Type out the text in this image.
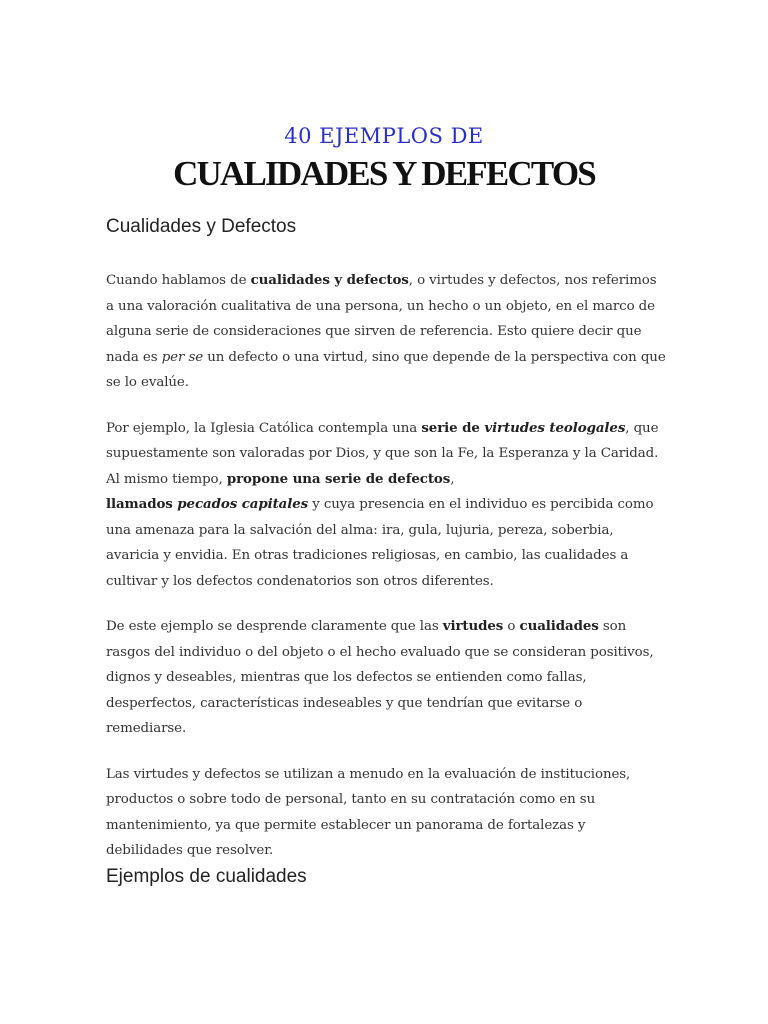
40 EJEMPLOS DE
CUALIDADES Y DEFECTOS
Cualidades y Defectos

Cuando hablamos de cualidades y defectos, o virtudes y defectos, nos referimos a una valoración cualitativa de una persona, un hecho o un objeto, en el marco de alguna serie de consideraciones que sirven de referencia. Esto quiere decir que nada es per se un defecto o una virtud, sino que depende de la perspectiva con que se lo evalúe.

Por ejemplo, la Iglesia Católica contempla una serie de virtudes teologales, que supuestamente son valoradas por Dios, y que son la Fe, la Esperanza y la Caridad. Al mismo tiempo, propone una serie de defectos,
llamados pecados capitales y cuya presencia en el individuo es percibida como una amenaza para la salvación del alma: ira, gula, lujuria, pereza, soberbia, avaricia y envidia. En otras tradiciones religiosas, en cambio, las cualidades a cultivar y los defectos condenatorios son otros diferentes.

De este ejemplo se desprende claramente que las virtudes o cualidades son rasgos del individuo o del objeto o el hecho evaluado que se consideran positivos, dignos y deseables, mientras que los defectos se entienden como fallas, desperfectos, características indeseables y que tendrían que evitarse o remediarse.

Las virtudes y defectos se utilizan a menudo en la evaluación de instituciones, productos o sobre todo de personal, tanto en su contratación como en su mantenimiento, ya que permite establecer un panorama de fortalezas y debilidades que resolver.

Ejemplos de cualidades
